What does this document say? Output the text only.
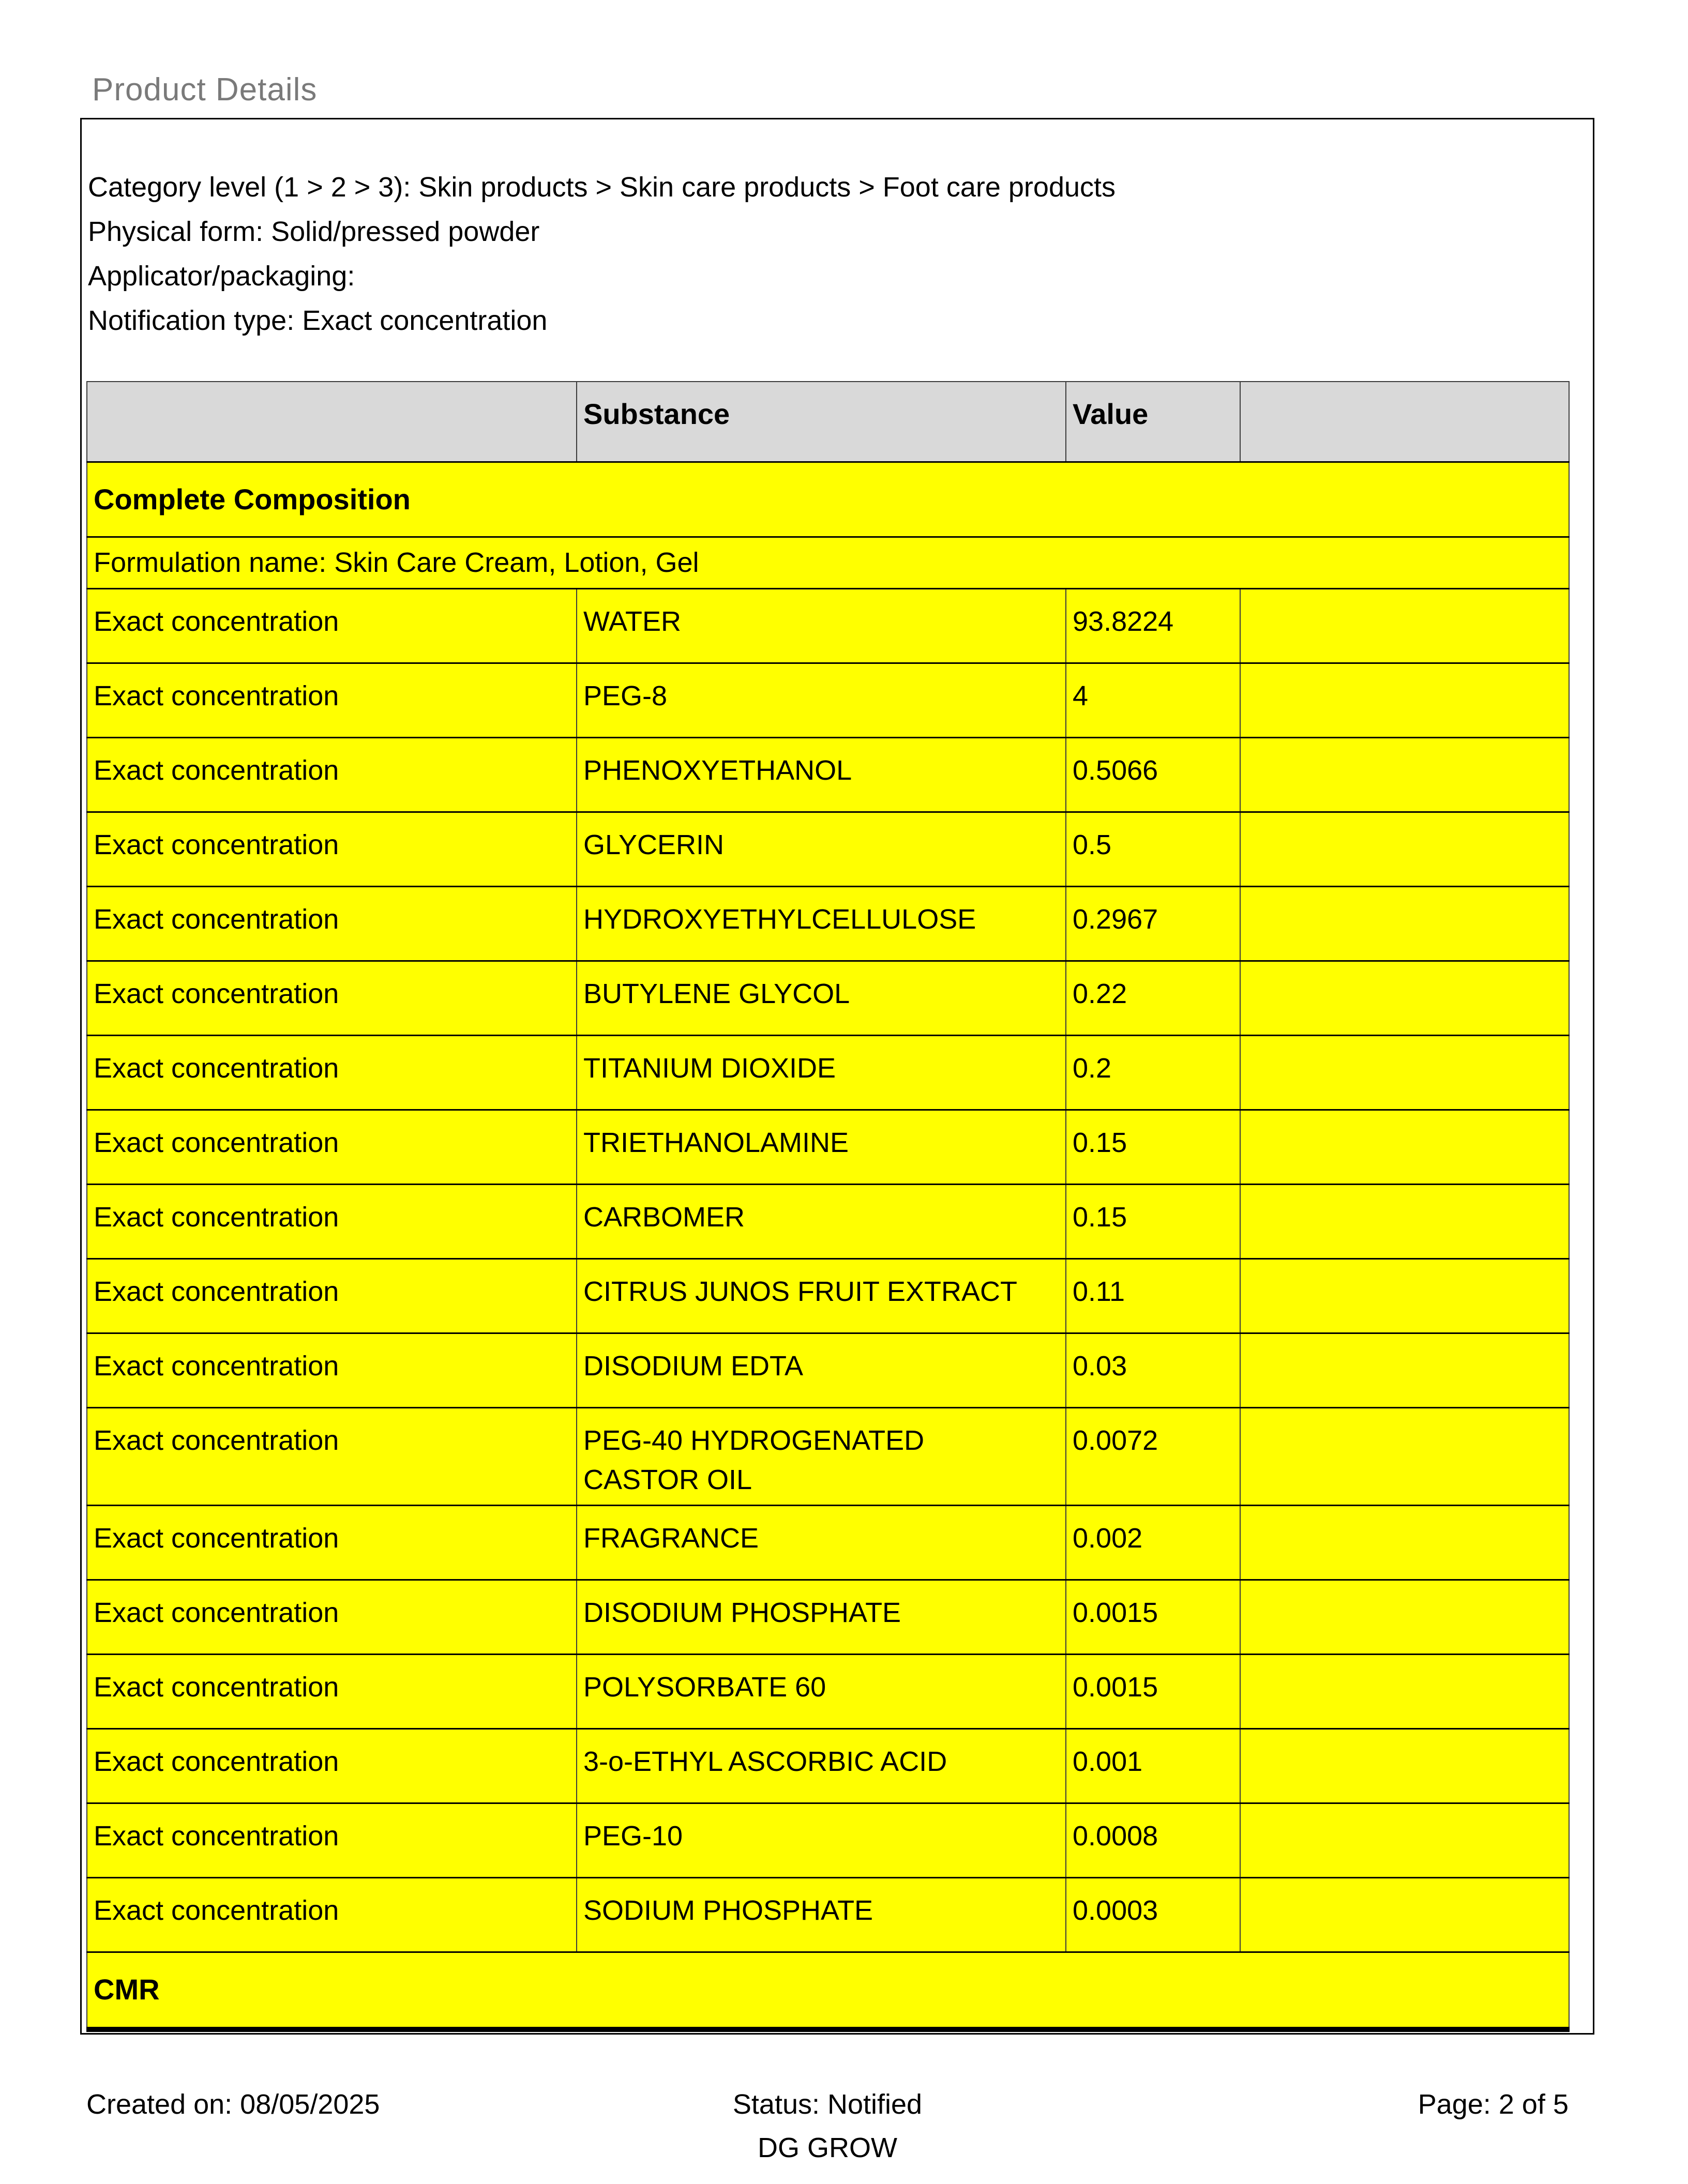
Product Details
Category level (1 > 2 > 3): Skin products > Skin care products > Foot care products
Physical form: Solid/pressed powder
Applicator/packaging:
Notification type: Exact concentration
	Substance	Value	
Complete Composition			
Formulation name: Skin Care Cream, Lotion, Gel			
Exact concentration	WATER	93.8224	
Exact concentration	PEG-8	4	
Exact concentration	PHENOXYETHANOL	0.5066	
Exact concentration	GLYCERIN	0.5	
Exact concentration	HYDROXYETHYLCELLULOSE	0.2967	
Exact concentration	BUTYLENE GLYCOL	0.22	
Exact concentration	TITANIUM DIOXIDE	0.2	
Exact concentration	TRIETHANOLAMINE	0.15	
Exact concentration	CARBOMER	0.15	
Exact concentration	CITRUS JUNOS FRUIT EXTRACT	0.11	
Exact concentration	DISODIUM EDTA	0.03	
Exact concentration	PEG-40 HYDROGENATED CASTOR OIL	0.0072	
Exact concentration	FRAGRANCE	0.002	
Exact concentration	DISODIUM PHOSPHATE	0.0015	
Exact concentration	POLYSORBATE 60	0.0015	
Exact concentration	3-o-ETHYL ASCORBIC ACID	0.001	
Exact concentration	PEG-10	0.0008	
Exact concentration	SODIUM PHOSPHATE	0.0003	
CMR			
Created on: 08/05/2025	Status: Notified
DG GROW
Page: 2 of 5
